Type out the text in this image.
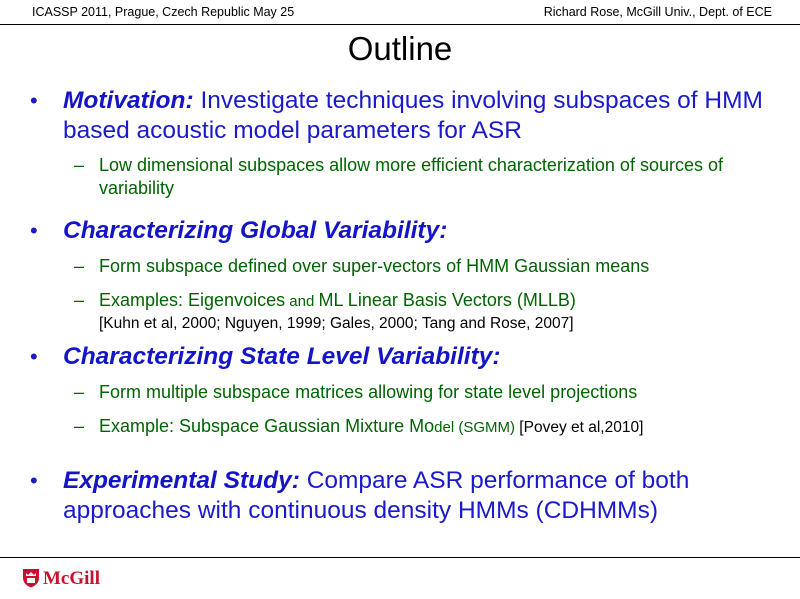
ICASSP 2011, Prague, Czech Republic May 25	Richard Rose, McGill Univ., Dept. of ECE
Outline
• Motivation: Investigate techniques involving subspaces of HMM based acoustic model parameters for ASR
– Low dimensional subspaces allow more efficient characterization of sources of variability
• Characterizing Global Variability:
– Form subspace defined over super-vectors of HMM Gaussian means
– Examples: Eigenvoices and ML Linear Basis Vectors (MLLB)
[Kuhn et al, 2000; Nguyen, 1999; Gales, 2000; Tang and Rose, 2007]
• Characterizing State Level Variability:
– Form multiple subspace matrices allowing for state level projections
– Example: Subspace Gaussian Mixture Model (SGMM) [Povey et al,2010]
• Experimental Study: Compare ASR performance of both approaches with continuous density HMMs (CDHMMs)
McGill
